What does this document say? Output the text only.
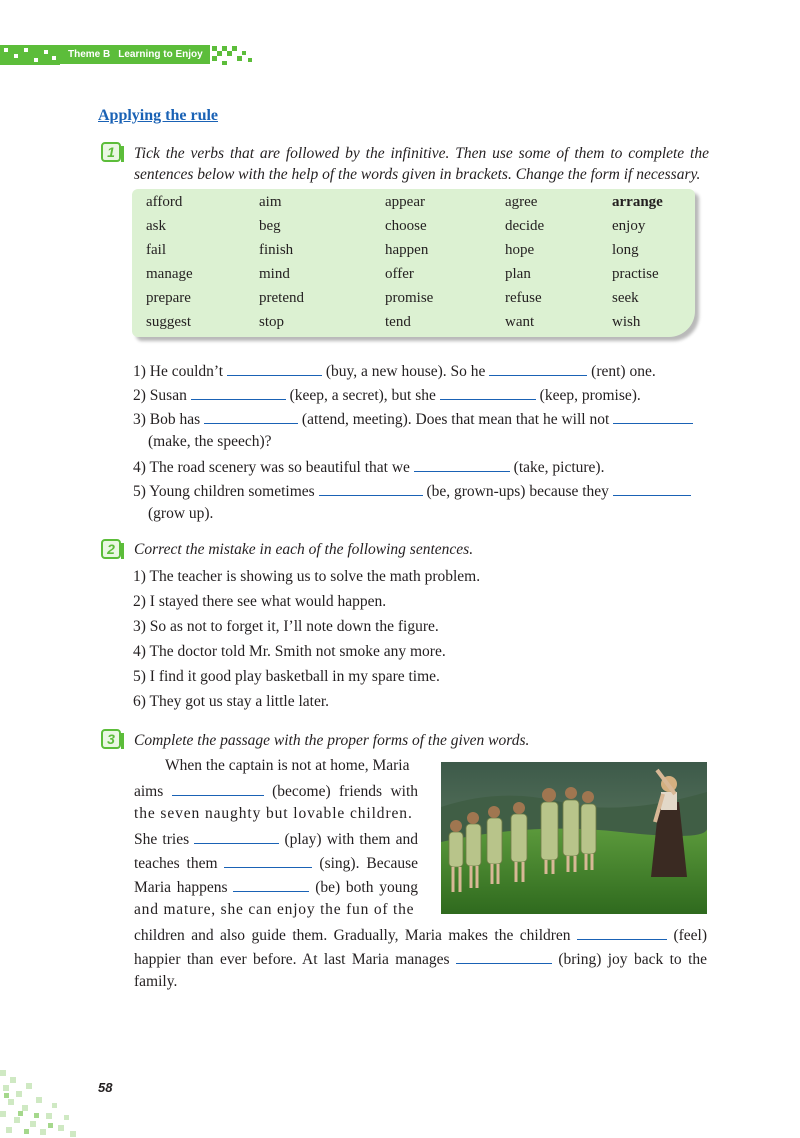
Theme B Learning to Enjoy
Applying the rule
1	Tick the verbs that are followed by the infinitive. Then use some of them to complete the
sentences below with the help of the words given in brackets. Change the form if necessary.
afford	aim	appear	agree	arrange
ask	beg	choose	decide	enjoy
fail	finish	happen	hope	long
manage	mind	offer	plan	practise
prepare	pretend	promise	refuse	seek
suggest	stop	tend	want	wish
1) He couldn’t	(buy, a new house). So he	(rent) one.
2) Susan	(keep, a secret), but she	(keep, promise).
3) Bob has	(attend, meeting). Does that mean that he will not
(make, the speech)?
4) The road scenery was so beautiful that we	(take, picture).
5) Young children sometimes	(be, grown-ups) because they
(grow up).
2	Correct the mistake in each of the following sentences.
1) The teacher is showing us to solve the math problem.
2) I stayed there see what would happen.
3) So as not to forget it, I’ll note down the figure.
4) The doctor told Mr. Smith not smoke any more.
5) I find it good play basketball in my spare time.
6) They got us stay a little later.
3	Complete the passage with the proper forms of the given words.
When the captain is not at home, Maria
aims	(become) friends with
the seven naughty but lovable children.
She tries	(play) with them and
teaches them	(sing). Because
Maria happens	(be) both young
and mature, she can enjoy the fun of the
children and also guide them. Gradually, Maria makes the children	(feel)
happier than ever before. At last Maria manages	(bring) joy back to the
family.
58
